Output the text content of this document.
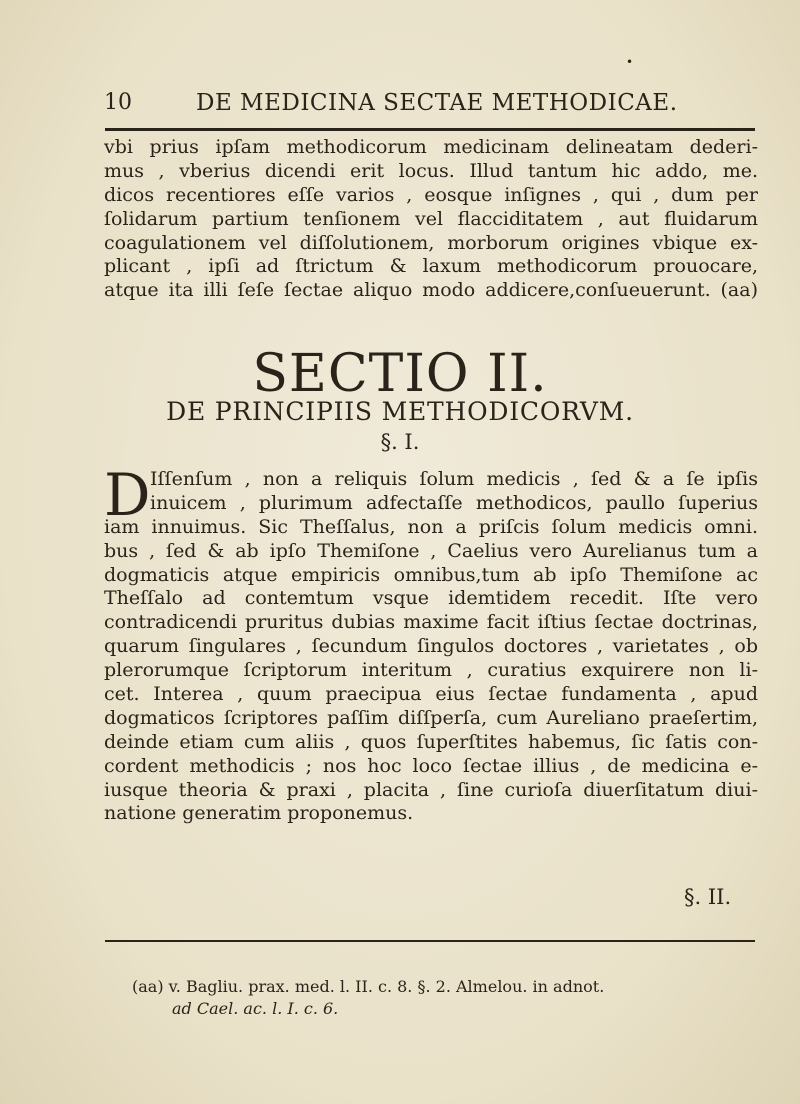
•
10	DE MEDICINA SECTAE METHODICAE.
vbi prius ipſam methodicorum medicinam delineatam dederi-
mus , vberius dicendi erit locus. Illud tantum hic addo, me.
dicos recentiores eſſe varios , eosque inſignes , qui , dum per
ſolidarum partium tenſionem vel flacciditatem , aut fluidarum
coagulationem vel diſſolutionem, morborum origines vbique ex-
plicant , ipſi ad ſtrictum & laxum methodicorum prouocare,
atque ita illi ſeſe ſectae aliquo modo addicere,conſueuerunt. (aa)
SECTIO II.
DE PRINCIPIIS METHODICORVM.
§. I.
D Iſſenſum , non a reliquis ſolum medicis , ſed & a ſe ipſis
inuicem , plurimum adfectaſſe methodicos, paullo ſuperius
iam innuimus. Sic Theſſalus, non a priſcis ſolum medicis omni.
bus , ſed & ab ipſo Themiſone , Caelius vero Aurelianus tum a
dogmaticis atque empiricis omnibus,tum ab ipſo Themiſone ac
Theſſalo ad contemtum vsque idemtidem recedit. Iſte vero
contradicendi pruritus dubias maxime facit iſtius ſectae doctrinas,
quarum ſingulares , ſecundum ſingulos doctores , varietates , ob
plerorumque ſcriptorum interitum , curatius exquirere non li-
cet. Interea , quum praecipua eius ſectae fundamenta , apud
dogmaticos ſcriptores paſſim diſſperſa, cum Aureliano praeſertim,
deinde etiam cum aliis , quos ſuperſtites habemus, ſic ſatis con-
cordent methodicis ; nos hoc loco ſectae illius , de medicina e-
iusque theoria & praxi , placita , ſine curioſa diuerſitatum diui-
natione generatim proponemus.
§. II.
(aa) v. Bagliu. prax. med. l. II. c. 8. §. 2. Almelou. in adnot.
ad Cael. ac. l. I. c. 6.
